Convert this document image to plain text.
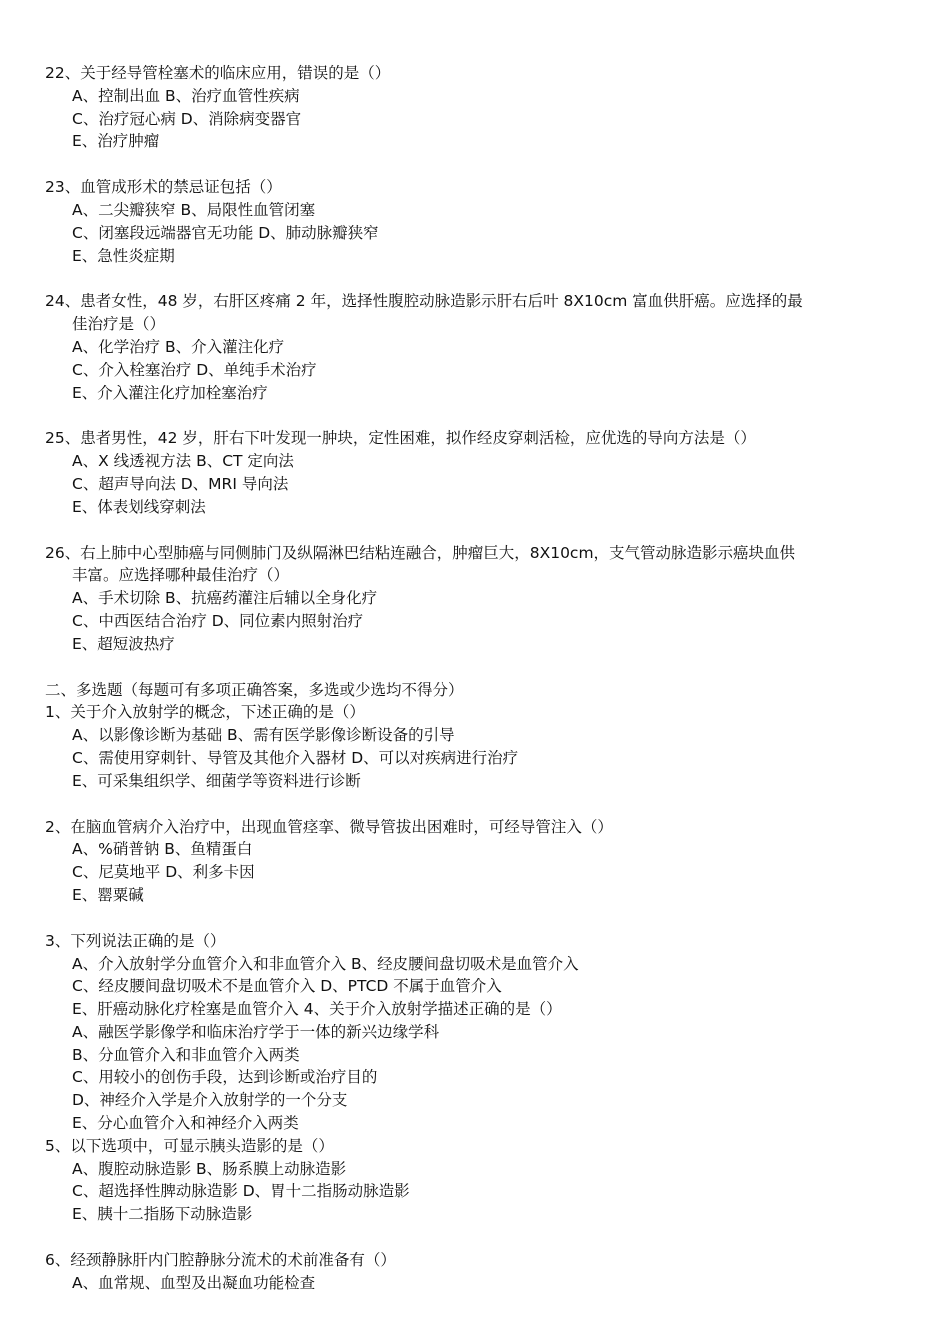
22、关于经导管栓塞术的临床应用，错误的是（）
A、控制出血 B、治疗血管性疾病
C、治疗冠心病 D、消除病变器官
E、治疗肿瘤
23、血管成形术的禁忌证包括（）
A、二尖瓣狭窄 B、局限性血管闭塞
C、闭塞段远端器官无功能 D、肺动脉瓣狭窄
E、急性炎症期
24、患者女性，48 岁，右肝区疼痛 2 年，选择性腹腔动脉造影示肝右后叶 8X10cm 富血供肝癌。应选择的最
佳治疗是（）
A、化学治疗 B、介入灌注化疗
C、介入栓塞治疗 D、单纯手术治疗
E、介入灌注化疗加栓塞治疗
25、患者男性，42 岁，肝右下叶发现一肿块，定性困难，拟作经皮穿刺活检，应优选的导向方法是（）
A、X 线透视方法 B、CT 定向法
C、超声导向法 D、MRI 导向法
E、体表划线穿刺法
26、右上肺中心型肺癌与同侧肺门及纵隔淋巴结粘连融合，肿瘤巨大，8X10cm，支气管动脉造影示癌块血供
丰富。应选择哪种最佳治疗（）
A、手术切除 B、抗癌药灌注后辅以全身化疗
C、中西医结合治疗 D、同位素内照射治疗
E、超短波热疗
二、多选题（每题可有多项正确答案，多选或少选均不得分）
1、关于介入放射学的概念，下述正确的是（）
A、以影像诊断为基础 B、需有医学影像诊断设备的引导
C、需使用穿刺针、导管及其他介入器材 D、可以对疾病进行治疗
E、可采集组织学、细菌学等资料进行诊断
2、在脑血管病介入治疗中，出现血管痉挛、微导管拔出困难时，可经导管注入（）
A、%硝普钠 B、鱼精蛋白
C、尼莫地平 D、利多卡因
E、罂粟碱
3、下列说法正确的是（）
A、介入放射学分血管介入和非血管介入 B、经皮腰间盘切吸术是血管介入
C、经皮腰间盘切吸术不是血管介入 D、PTCD 不属于血管介入
E、肝癌动脉化疗栓塞是血管介入 4、关于介入放射学描述正确的是（）
A、融医学影像学和临床治疗学于一体的新兴边缘学科
B、分血管介入和非血管介入两类
C、用较小的创伤手段，达到诊断或治疗目的
D、神经介入学是介入放射学的一个分支
E、分心血管介入和神经介入两类
5、以下选项中，可显示胰头造影的是（）
A、腹腔动脉造影 B、肠系膜上动脉造影
C、超选择性脾动脉造影 D、胃十二指肠动脉造影
E、胰十二指肠下动脉造影
6、经颈静脉肝内门腔静脉分流术的术前准备有（）
A、血常规、血型及出凝血功能检查
